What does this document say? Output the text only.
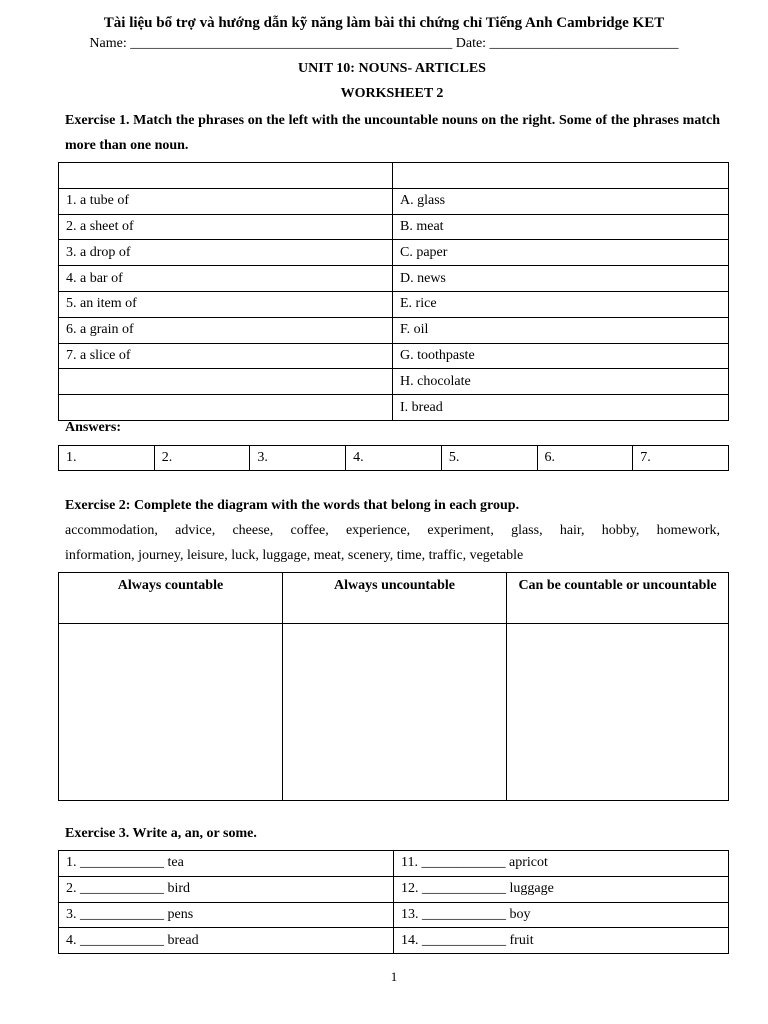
Tài liệu bổ trợ và hướng dẫn kỹ năng làm bài thi chứng chỉ Tiếng Anh Cambridge KET
Name: ______________________________________________ Date: ___________________________
UNIT 10: NOUNS- ARTICLES
WORKSHEET 2
Exercise 1. Match the phrases on the left with the uncountable nouns on the right. Some of the phrases match more than one noun.

1. a tube of	A. glass
2. a sheet of	B. meat
3. a drop of	C. paper
4. a bar of	D. news
5. an item of	E. rice
6. a grain of	F. oil
7. a slice of	G. toothpaste
	H. chocolate
	I. bread
Answers:
1.	2.	3.	4.	5.	6.	7.
Exercise 2: Complete the diagram with the words that belong in each group.
accommodation, advice, cheese, coffee, experience, experiment, glass, hair, hobby, homework,
information, journey, leisure, luck, luggage, meat, scenery, time, traffic, vegetable
Always countable	Always uncountable	Can be countable or uncountable

Exercise 3. Write a, an, or some.
1. ____________ tea	11. ____________ apricot
2. ____________ bird	12. ____________ luggage
3. ____________ pens	13. ____________ boy
4. ____________ bread	14. ____________ fruit
1
